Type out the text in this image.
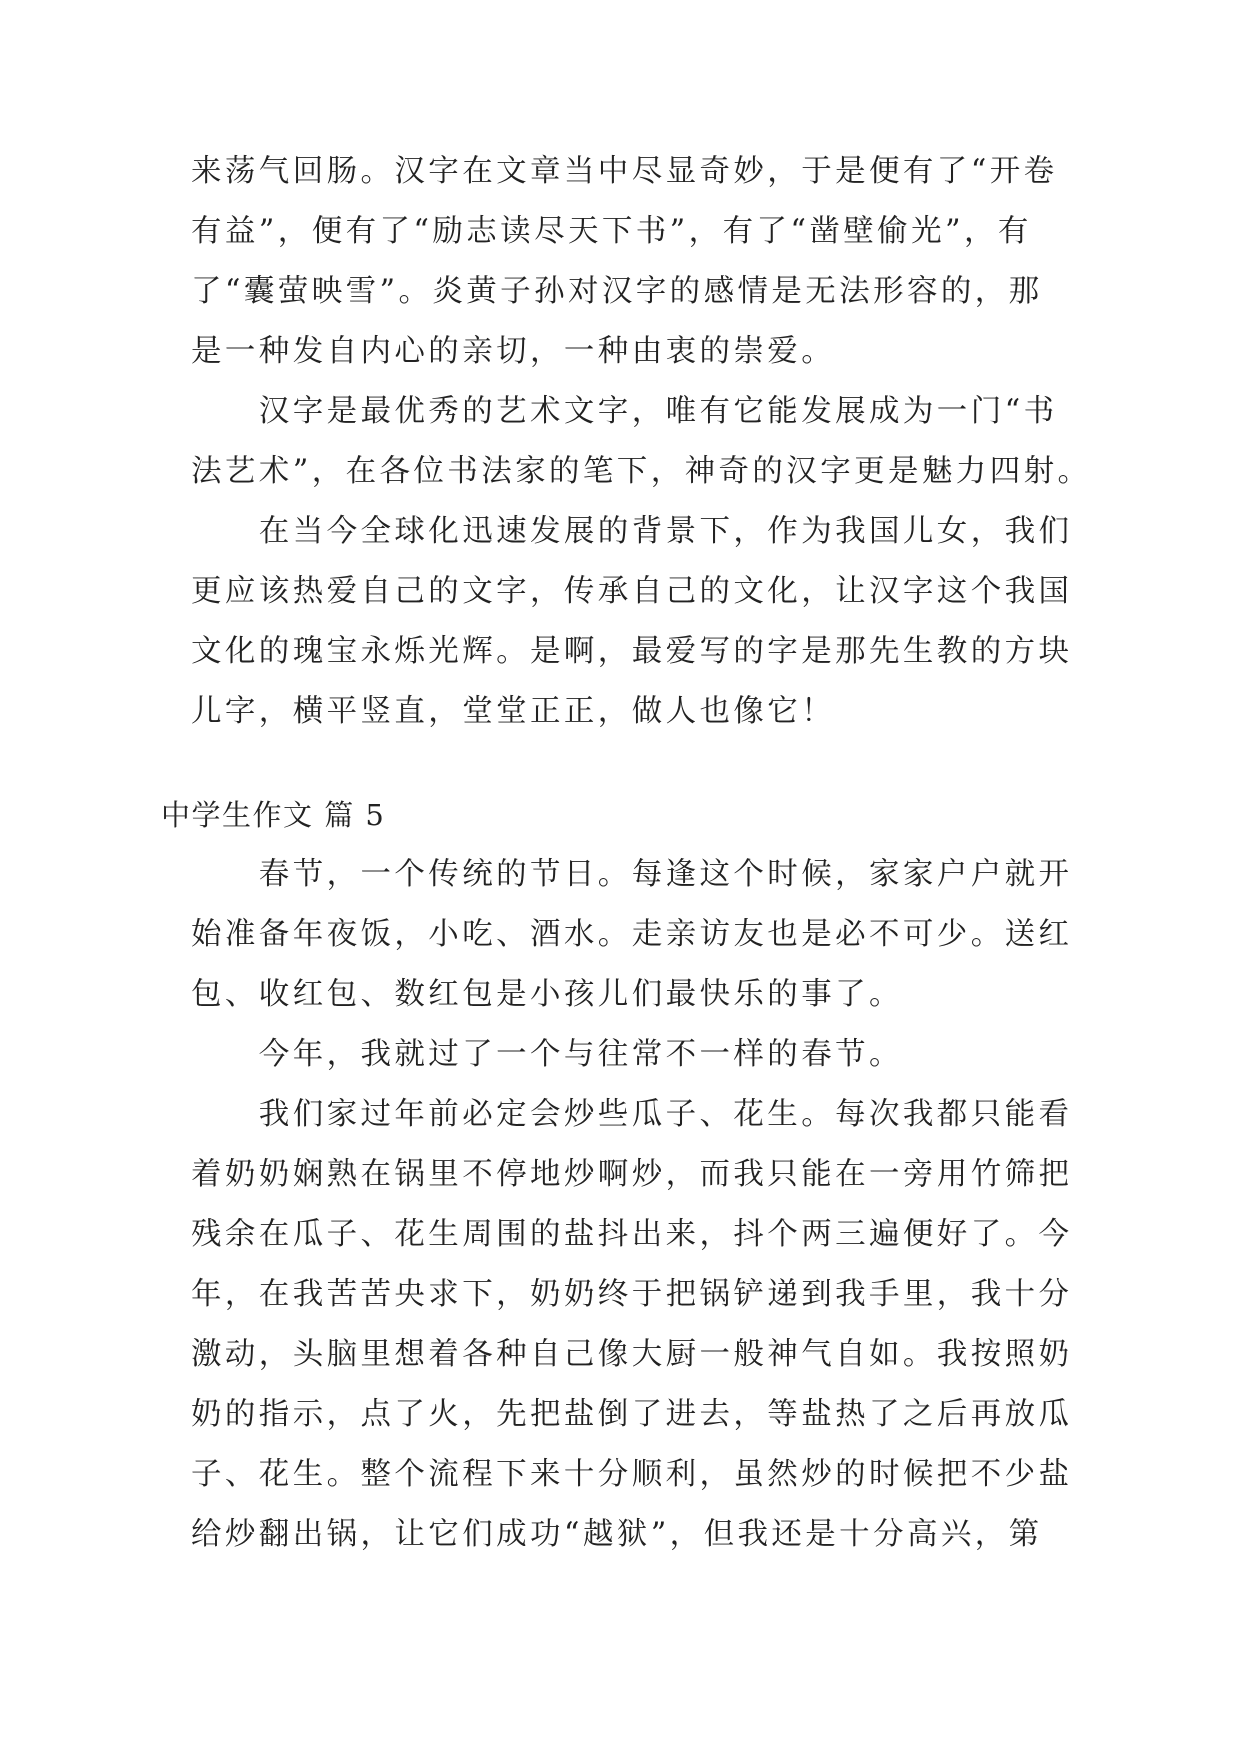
来荡气回肠。汉字在文章当中尽显奇妙，于是便有了“开卷

有益”，便有了“励志读尽天下书”，有了“凿壁偷光”，有

了“囊萤映雪”。炎黄子孙对汉字的感情是无法形容的，那

是一种发自内心的亲切，一种由衷的崇爱。

　　汉字是最优秀的艺术文字，唯有它能发展成为一门“书

法艺术”，在各位书法家的笔下，神奇的汉字更是魅力四射。

　　在当今全球化迅速发展的背景下，作为我国儿女，我们

更应该热爱自己的文字，传承自己的文化，让汉字这个我国

文化的瑰宝永烁光辉。是啊，最爱写的字是那先生教的方块

儿字，横平竖直，堂堂正正，做人也像它！

中学生作文 篇 5

　　春节，一个传统的节日。每逢这个时候，家家户户就开

始准备年夜饭，小吃、酒水。走亲访友也是必不可少。送红

包、收红包、数红包是小孩儿们最快乐的事了。

　　今年，我就过了一个与往常不一样的春节。

　　我们家过年前必定会炒些瓜子、花生。每次我都只能看

着奶奶娴熟在锅里不停地炒啊炒，而我只能在一旁用竹筛把

残余在瓜子、花生周围的盐抖出来，抖个两三遍便好了。今

年，在我苦苦央求下，奶奶终于把锅铲递到我手里，我十分

激动，头脑里想着各种自己像大厨一般神气自如。我按照奶

奶的指示，点了火，先把盐倒了进去，等盐热了之后再放瓜

子、花生。整个流程下来十分顺利，虽然炒的时候把不少盐

给炒翻出锅，让它们成功“越狱”，但我还是十分高兴，第
